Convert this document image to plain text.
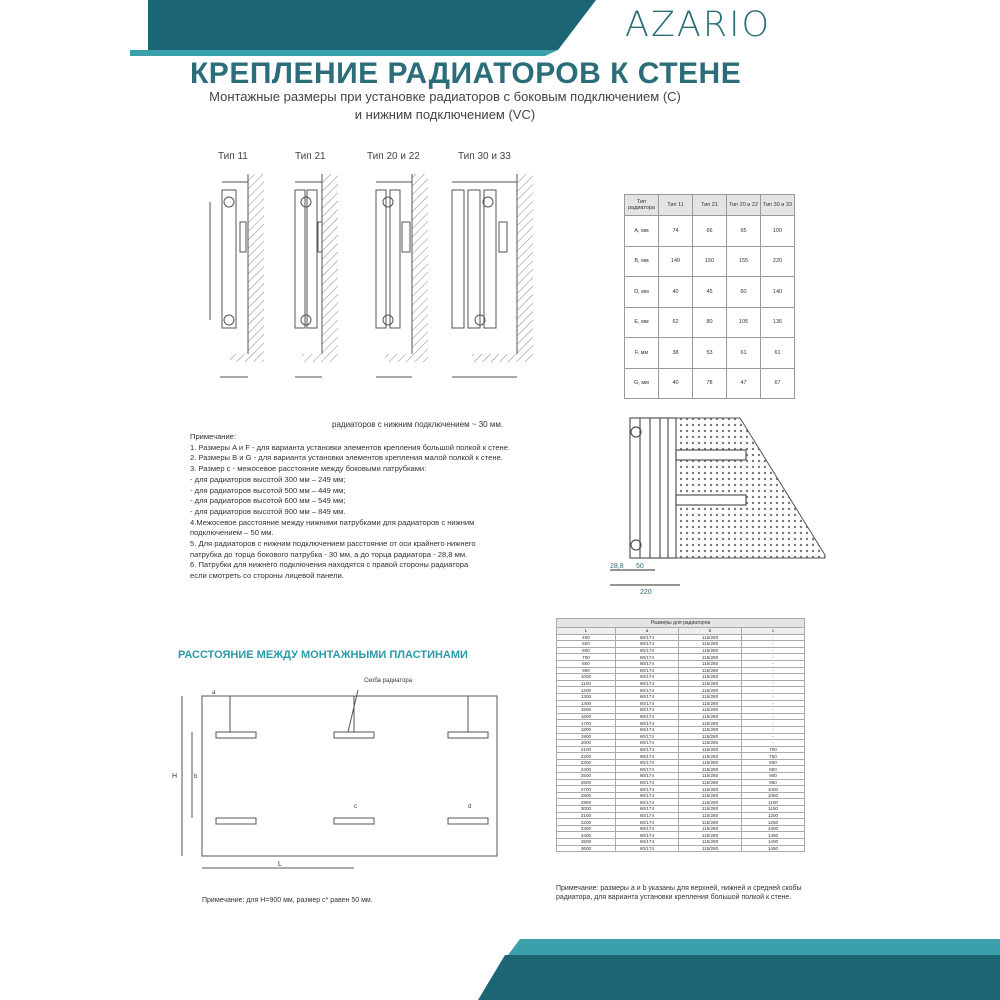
AZARIO
КРЕПЛЕНИЕ РАДИАТОРОВ К СТЕНЕ
Монтажные размеры при установке радиаторов с боковым подключением (C)
и нижним подключением (VC)
Тип 11	Тип 21	Тип 20 и 22	Тип 30 и 33
Тип радиатора	Тип 11	Тип 21	Тип 20 и 22	Тип 30 и 33
A, мм	74	66	65	100
B, мм	149	150	155	220
D, мм	40	45	60	140
E, мм	62	80	105	136
F, мм	38	53	61	61
G, мм	40	78	47	67
радиаторов с нижним подключением ~ 30 мм.
Примечание:
1. Размеры A и F - для варианта установки элементов крепления большой полкой к стене.
2. Размеры B и G - для варианта установки элементов крепления малой полкой к стене.
3. Размер с - межосевое расстояние между боковыми патрубками:
- для радиаторов высотой 300 мм – 249 мм;
- для радиаторов высотой 500 мм – 449 мм;
- для радиаторов высотой 600 мм – 549 мм;
- для радиаторов высотой 900 мм – 849 мм.
4.Межосевое расстояние между нижними патрубками для радиаторов с нижним
подключением – 50 мм.
5. Для радиаторов с нижним подключением расстояние от оси крайнего нижнего
патрубка до торца бокового патрубка - 30 мм, а до торца радиатора - 28,8 мм.
6. Патрубки для нижнего подключения находятся с правой стороны радиатора
если смотреть со стороны лицевой панели.
28,8 50
220
РАССТОЯНИЕ МЕЖДУ МОНТАЖНЫМИ ПЛАСТИНАМИ
Скоба радиатора
H
L
a
b
c	d
Примечание: для H=900 мм, размер с* равен 50 мм.
Размеры для радиаторов			
L	a	b	c
400	80/174	115/280	-
500	80/174	115/280	-
600	80/174	115/280	-
700	80/174	115/280	-
800	80/174	115/280	-
900	80/174	115/280	-
1000	80/174	115/280	-
1100	80/174	115/280	-
1200	80/174	115/280	-
1300	80/174	115/280	-
1400	80/174	115/280	-
1500	80/174	115/280	-
1600	80/174	115/280	-
1700	80/174	115/280	-
1800	80/174	115/280	-
1900	80/174	115/280	-
2000	80/174	115/280	-
2100	80/174	115/280	700
2200	80/174	115/280	750
2300	80/174	115/280	800
2400	80/174	115/280	850
2500	80/174	115/280	900
2600	80/174	115/280	950
2700	80/174	115/280	1000
2800	80/174	115/280	1050
2900	80/174	115/280	1100
3000	80/174	115/280	1150
3100	80/174	115/280	1200
3200	80/174	115/280	1250
3300	80/174	115/280	1300
3400	80/174	115/280	1350
3500	80/174	115/280	1400
3600	80/174	115/280	1450
Примечание: размеры a и b указаны для верхней, нижней и средней скобы радиатора, для варианта установки крепления большой полкой к стене.
